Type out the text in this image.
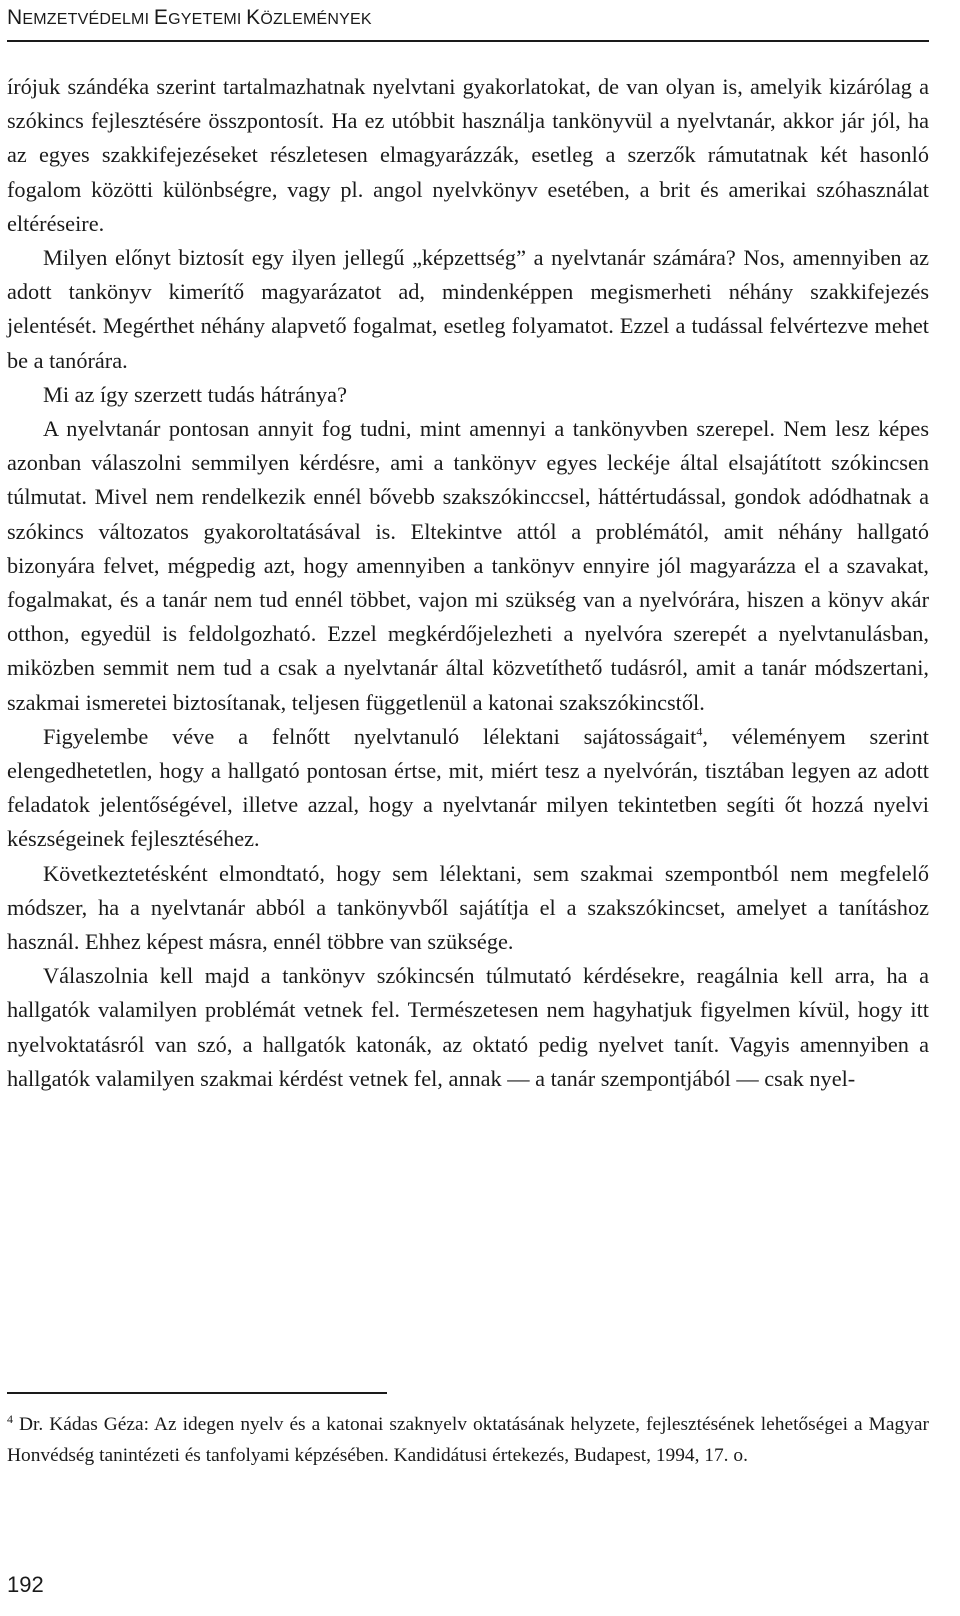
NEMZETVÉDELMI EGYETEMI KÖZLEMÉNYEK

írójuk szándéka szerint tartalmazhatnak nyelvtani gyakorlatokat, de van olyan is, amelyik kizárólag a szókincs fejlesztésére összpontosít. Ha ez utóbbit használja tankönyvül a nyelvtanár, akkor jár jól, ha az egyes szakkifejezéseket részletesen elmagyarázzák, esetleg a szerzők rámutatnak két hasonló fogalom közötti különbségre, vagy pl. angol nyelvkönyv esetében, a brit és amerikai szóhasználat eltéréseire.

Milyen előnyt biztosít egy ilyen jellegű „képzettség” a nyelvtanár számára? Nos, amennyiben az adott tankönyv kimerítő magyarázatot ad, mindenképpen megismerheti néhány szakkifejezés jelentését. Megérthet néhány alapvető fogalmat, esetleg folyamatot. Ezzel a tudással felvértezve mehet be a tanórára.

Mi az így szerzett tudás hátránya?

A nyelvtanár pontosan annyit fog tudni, mint amennyi a tankönyvben szerepel. Nem lesz képes azonban válaszolni semmilyen kérdésre, ami a tankönyv egyes leckéje által elsajátított szókincsen túlmutat. Mivel nem rendelkezik ennél bővebb szakszókinccsel, háttértudással, gondok adódhatnak a szókincs változatos gyakoroltatásával is. Eltekintve attól a problémától, amit néhány hallgató bizonyára felvet, mégpedig azt, hogy amennyiben a tankönyv ennyire jól magyarázza el a szavakat, fogalmakat, és a tanár nem tud ennél többet, vajon mi szükség van a nyelvórára, hiszen a könyv akár otthon, egyedül is feldolgozható. Ezzel megkérdőjelezheti a nyelvóra szerepét a nyelvtanulásban, miközben semmit nem tud a csak a nyelvtanár által közvetíthető tudásról, amit a tanár módszertani, szakmai ismeretei biztosítanak, teljesen függetlenül a katonai szakszókincstől.

Figyelembe véve a felnőtt nyelvtanuló lélektani sajátosságait$^4$, véleményem szerint elengedhetetlen, hogy a hallgató pontosan értse, mit, miért tesz a nyelvórán, tisztában legyen az adott feladatok jelentőségével, illetve azzal, hogy a nyelvtanár milyen tekintetben segíti őt hozzá nyelvi készségeinek fejlesztéséhez.

Következtetésként elmondtató, hogy sem lélektani, sem szakmai szempontból nem megfelelő módszer, ha a nyelvtanár abból a tankönyvből sajátítja el a szakszókincset, amelyet a tanításhoz használ. Ehhez képest másra, ennél többre van szüksége.

Válaszolnia kell majd a tankönyv szókincsén túlmutató kérdésekre, reagálnia kell arra, ha a hallgatók valamilyen problémát vetnek fel. Természetesen nem hagyhatjuk figyelmen kívül, hogy itt nyelvoktatásról van szó, a hallgatók katonák, az oktató pedig nyelvet tanít. Vagyis amennyiben a hallgatók valamilyen szakmai kérdést vetnek fel, annak — a tanár szempontjából — csak nyel-

$^4$ Dr. Kádas Géza: Az idegen nyelv és a katonai szaknyelv oktatásának helyzete, fejlesztésének lehetőségei a Magyar Honvédség tanintézeti és tanfolyami képzésében. Kandidátusi értekezés, Budapest, 1994, 17. o.
192
